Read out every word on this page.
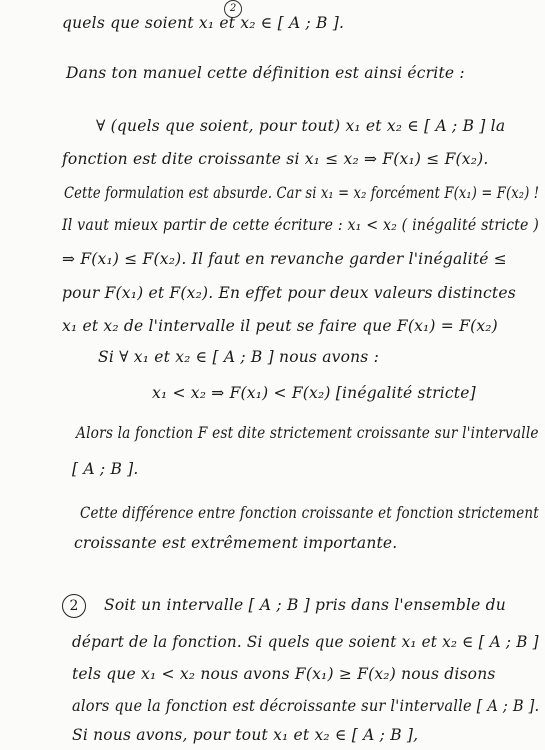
2
quels que soient x₁ et x₂ ∈ [ A ; B ].
Dans ton manuel cette définition est ainsi écrite :
∀ (quels que soient, pour tout) x₁ et x₂ ∈ [ A ; B ] la
fonction est dite croissante si x₁ ≤ x₂ ⇒ F(x₁) ≤ F(x₂).
Cette formulation est absurde. Car si x₁ = x₂ forcément F(x₁) = F(x₂) !
Il vaut mieux partir de cette écriture : x₁ < x₂ ( inégalité stricte )
⇒ F(x₁) ≤ F(x₂). Il faut en revanche garder l'inégalité ≤
pour F(x₁) et F(x₂). En effet pour deux valeurs distinctes
x₁ et x₂ de l'intervalle il peut se faire que F(x₁) = F(x₂)
Si ∀ x₁ et x₂ ∈ [ A ; B ] nous avons :
x₁ < x₂ ⇒ F(x₁) < F(x₂) [inégalité stricte]
Alors la fonction F est dite strictement croissante sur l'intervalle
[ A ; B ].
Cette différence entre fonction croissante et fonction strictement
croissante est extrêmement importante.
2 Soit un intervalle [ A ; B ] pris dans l'ensemble du
départ de la fonction. Si quels que soient x₁ et x₂ ∈ [ A ; B ]
tels que x₁ < x₂ nous avons F(x₁) ≥ F(x₂) nous disons
alors que la fonction est décroissante sur l'intervalle [ A ; B ].
Si nous avons, pour tout x₁ et x₂ ∈ [ A ; B ],
